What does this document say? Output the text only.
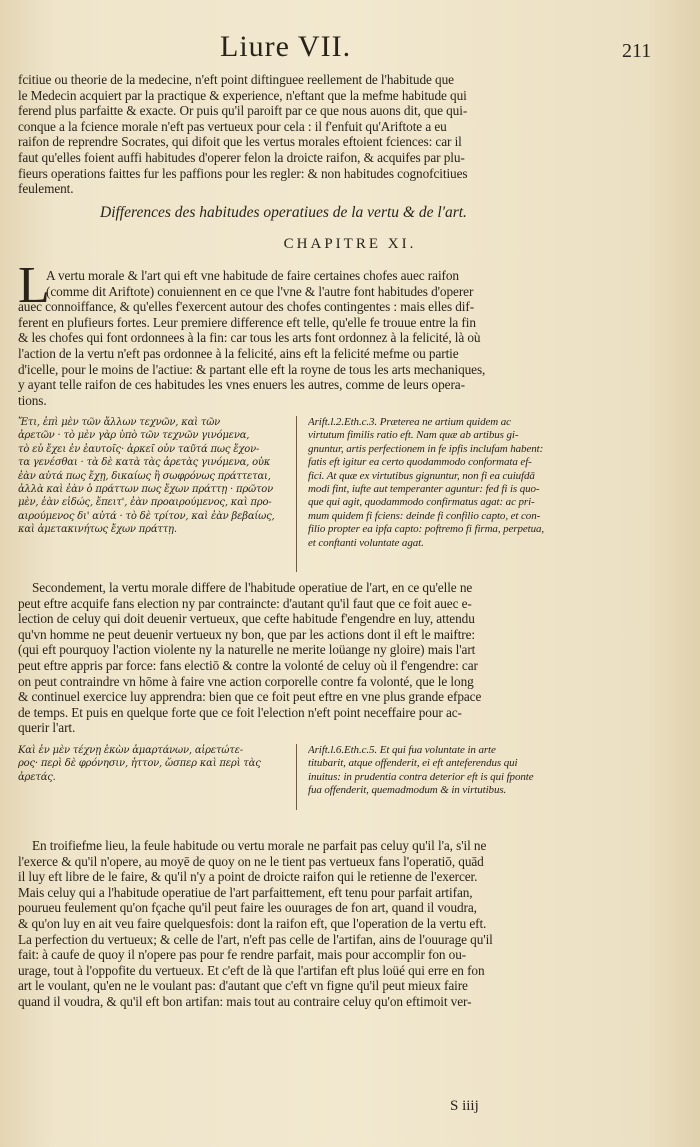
Liure VII.	211
fcitiue ou theorie de la medecine, n'eft point diftinguee reellement de l'habitude que
le Medecin acquiert par la practique & experience, n'eftant que la mefme habitude qui
ferend plus parfaitte & exacte. Or puis qu'il paroift par ce que nous auons dit, que qui-
conque a la fcience morale n'eft pas vertueux pour cela : il f'enfuit qu'Ariftote a eu
raifon de reprendre Socrates, qui difoit que les vertus morales eftoient fciences: car il
faut qu'elles foient auffi habitudes d'operer felon la droicte raifon, & acquifes par plu-
fieurs operations faittes fur les paffions pour les regler: & non habitudes cognofcitiues
feulement.
Differences des habitudes operatiues de la vertu & de l'art.
CHAPITRE XI.
L
A vertu morale & l'art qui eft vne habitude de faire certaines chofes auec raifon
(comme dit Ariftote) conuiennent en ce que l'vne & l'autre font habitudes d'operer
auec connoiffance, & qu'elles f'exercent autour des chofes contingentes : mais elles dif-
ferent en plufieurs fortes. Leur premiere difference eft telle, qu'elle fe trouue entre la fin
& les chofes qui font ordonnees à la fin: car tous les arts font ordonnez à la felicité, là où
l'action de la vertu n'eft pas ordonnee à la felicité, ains eft la felicité mefme ou partie
d'icelle, pour le moins de l'actiue: & partant elle eft la royne de tous les arts mechaniques,
y ayant telle raifon de ces habitudes les vnes enuers les autres, comme de leurs opera-
tions.
Ἔτι, ἐπὶ μὲν τῶν ἄλλων τεχνῶν, καὶ τῶν
ἀρετῶν · τὸ μὲν γὰρ ὑπὸ τῶν τεχνῶν γινόμενα,
τὸ εὖ ἔχει ἐν ἑαυτοῖς· ἀρκεῖ οὖν ταῦτά πως ἔχον-
τα γενέσθαι · τὰ δὲ κατὰ τὰς ἀρετὰς γινόμενα, οὐκ
ἐὰν αὐτά πως ἔχῃ, δικαίως ἢ σωφρόνως πράττεται,
ἀλλὰ καὶ ἐὰν ὁ πράττων πως ἔχων πράττῃ · πρῶτον
μὲν, ἐὰν εἰδώς, ἔπειτ', ἐὰν προαιρούμενος, καὶ προ-
αιρούμενος δι' αὐτά · τὸ δὲ τρίτον, καὶ ἐὰν βεβαίως,
καὶ ἀμετακινήτως ἔχων πράττῃ.
Arift.l.2.Eth.c.3. Præterea ne artium quidem ac
virtutum fimilis ratio eft. Nam quæ ab artibus gi-
gnuntur, artis perfectionem in fe ipfis inclufam habent:
fatis eft igitur ea certo quodammodo conformata ef-
fici. At quæ ex virtutibus gignuntur, non fi ea cuiufdā
modi fint, iufte aut temperanter aguntur: fed fi is quo-
que qui agit, quodammodo confirmatus agat: ac pri-
mum quidem fi fciens: deinde fi confilio capto, et con-
filio propter ea ipfa capto: poftremo fi firma, perpetua,
et conftanti voluntate agat.
Secondement, la vertu morale differe de l'habitude operatiue de l'art, en ce qu'elle ne
peut eftre acquife fans election ny par contraincte: d'autant qu'il faut que ce foit auec e-
lection de celuy qui doit deuenir vertueux, que cefte habitude f'engendre en luy, attendu
qu'vn homme ne peut deuenir vertueux ny bon, que par les actions dont il eft le maiftre:
(qui eft pourquoy l'action violente ny la naturelle ne merite loüange ny gloire) mais l'art
peut eftre appris par force: fans electiō & contre la volonté de celuy où il f'engendre: car
on peut contraindre vn hōme à faire vne action corporelle contre fa volonté, que le long
& continuel exercice luy apprendra: bien que ce foit peut eftre en vne plus grande efpace
de temps. Et puis en quelque forte que ce foit l'election n'eft point neceffaire pour ac-
querir l'art.
Καὶ ἐν μὲν τέχνῃ ἑκὼν ἁμαρτάνων, αἱρετώτε-
ρος· περὶ δὲ φρόνησιν, ἧττον, ὥσπερ καὶ περὶ τὰς
ἀρετάς.
Arift.l.6.Eth.c.5. Et qui fua voluntate in arte
titubarit, atque offenderit, ei eft anteferendus qui
inuitus: in prudentia contra deterior eft is qui fponte
fua offenderit, quemadmodum & in virtutibus.
En troifiefme lieu, la feule habitude ou vertu morale ne parfait pas celuy qu'il l'a, s'il ne
l'exerce & qu'il n'opere, au moyē de quoy on ne le tient pas vertueux fans l'operatiō, quād
il luy eft libre de le faire, & qu'il n'y a point de droicte raifon qui le retienne de l'exercer.
Mais celuy qui a l'habitude operatiue de l'art parfaittement, eft tenu pour parfait artifan,
pourueu feulement qu'on fçache qu'il peut faire les ouurages de fon art, quand il voudra,
& qu'on luy en ait veu faire quelquesfois: dont la raifon eft, que l'operation de la vertu eft.
La perfection du vertueux; & celle de l'art, n'eft pas celle de l'artifan, ains de l'ouurage qu'il
fait: à caufe de quoy il n'opere pas pour fe rendre parfait, mais pour accomplir fon ou-
urage, tout à l'oppofite du vertueux. Et c'eft de là que l'artifan eft plus loüé qui erre en fon
art le voulant, qu'en ne le voulant pas: d'autant que c'eft vn figne qu'il peut mieux faire
quand il voudra, & qu'il eft bon artifan: mais tout au contraire celuy qu'on eftimoit ver-
S iiij
